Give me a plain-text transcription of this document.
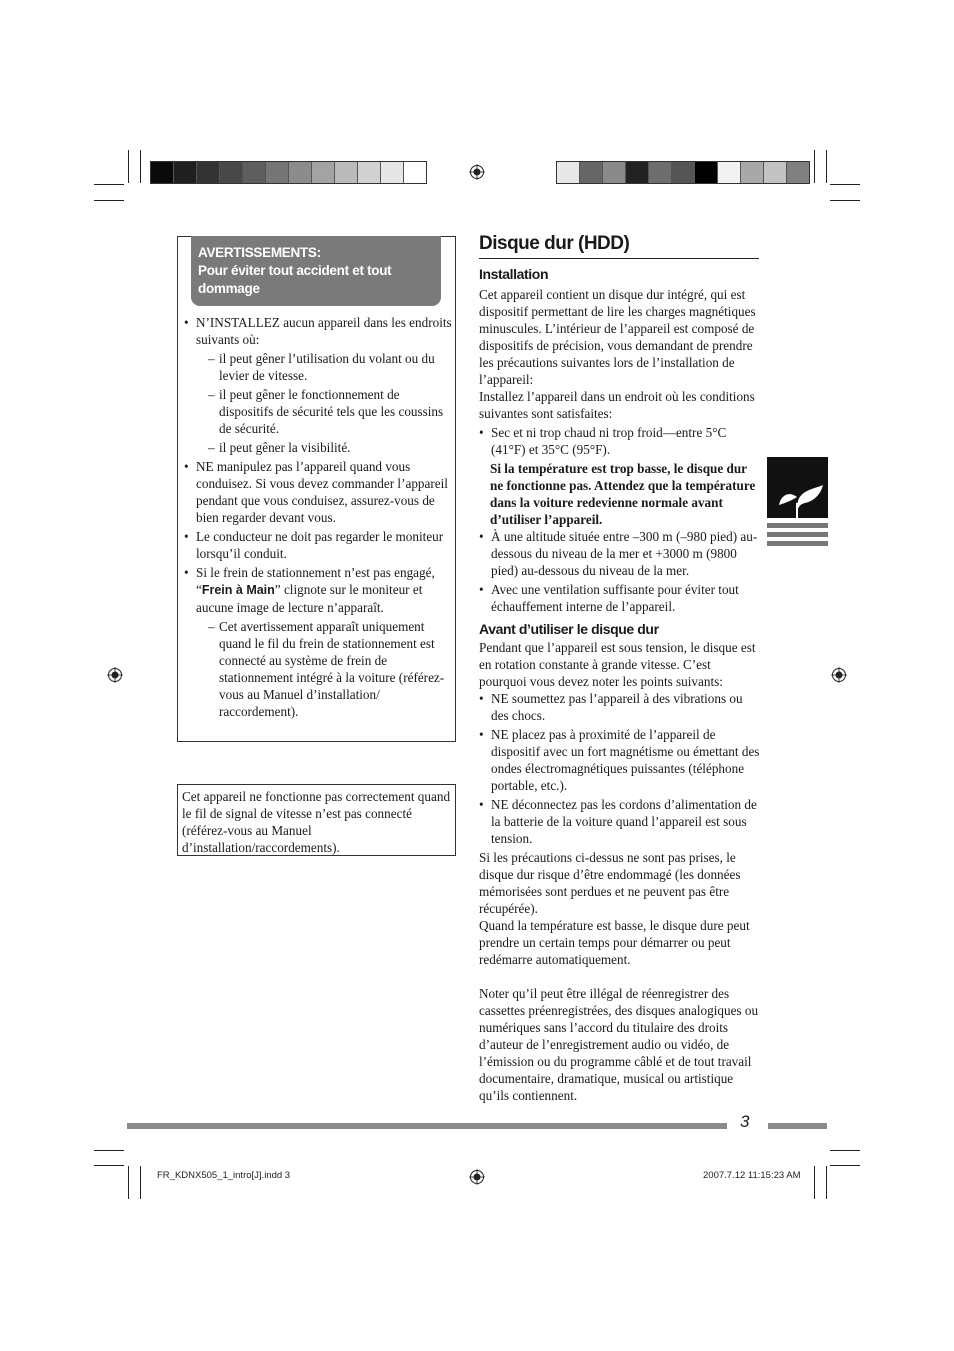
AVERTISSEMENTS:
Pour éviter tout accident et tout dommage
• N’INSTALLEZ aucun appareil dans les endroits suivants où:
– il peut gêner l’utilisation du volant ou du levier de vitesse.
– il peut gêner le fonctionnement de dispositifs de sécurité tels que les coussins de sécurité.
– il peut gêner la visibilité.
• NE manipulez pas l’appareil quand vous conduisez. Si vous devez commander l’appareil pendant que vous conduisez, assurez-vous de bien regarder devant vous.
• Le conducteur ne doit pas regarder le moniteur lorsqu’il conduit.
• Si le frein de stationnement n’est pas engagé, “Frein à Main” clignote sur le moniteur et aucune image de lecture n’apparaît.
– Cet avertissement apparaît uniquement quand le fil du frein de stationnement est connecté au système de frein de stationnement intégré à la voiture (référez-vous au Manuel d’installation/ raccordement).
Cet appareil ne fonctionne pas correctement quand le fil de signal de vitesse n’est pas connecté (référez-vous au Manuel d’installation/raccordements).
Disque dur (HDD)

Installation

Cet appareil contient un disque dur intégré, qui est dispositif permettant de lire les charges magnétiques minuscules. L’intérieur de l’appareil est composé de dispositifs de précision, vous demandant de prendre les précautions suivantes lors de l’installation de l’appareil:

Installez l’appareil dans un endroit où les conditions suivantes sont satisfaites:

• Sec et ni trop chaud ni trop froid—entre 5°C (41°F) et 35°C (95°F).

Si la température est trop basse, le disque dur ne fonctionne pas. Attendez que la température dans la voiture redevienne normale avant d’utiliser l’appareil.

• À une altitude située entre –300 m (–980 pied) au-dessous du niveau de la mer et +3000 m (9800 pied) au-dessous du niveau de la mer.
• Avec une ventilation suffisante pour éviter tout échauffement interne de l’appareil.

Avant d’utiliser le disque dur

Pendant que l’appareil est sous tension, le disque est en rotation constante à grande vitesse. C’est pourquoi vous devez noter les points suivants:

• NE soumettez pas l’appareil à des vibrations ou des chocs.
• NE placez pas à proximité de l’appareil de dispositif avec un fort magnétisme ou émettant des ondes électromagnétiques puissantes (téléphone portable, etc.).
• NE déconnectez pas les cordons d’alimentation de la batterie de la voiture quand l’appareil est sous tension.

Si les précautions ci-dessus ne sont pas prises, le disque dur risque d’être endommagé (les données mémorisées sont perdues et ne peuvent pas être récupérée).

Quand la température est basse, le disque dure peut prendre un certain temps pour démarrer ou peut redémarre automatiquement.

Noter qu’il peut être illégal de réenregistrer des cassettes préenregistrées, des disques analogiques ou numériques sans l’accord du titulaire des droits d’auteur de l’enregistrement audio ou vidéo, de l’émission ou du programme câblé et de tout travail documentaire, dramatique, musical ou artistique qu’ils contiennent.

3
FR_KDNX505_1_intro[J].indd 3	2007.7.12 11:15:23 AM
